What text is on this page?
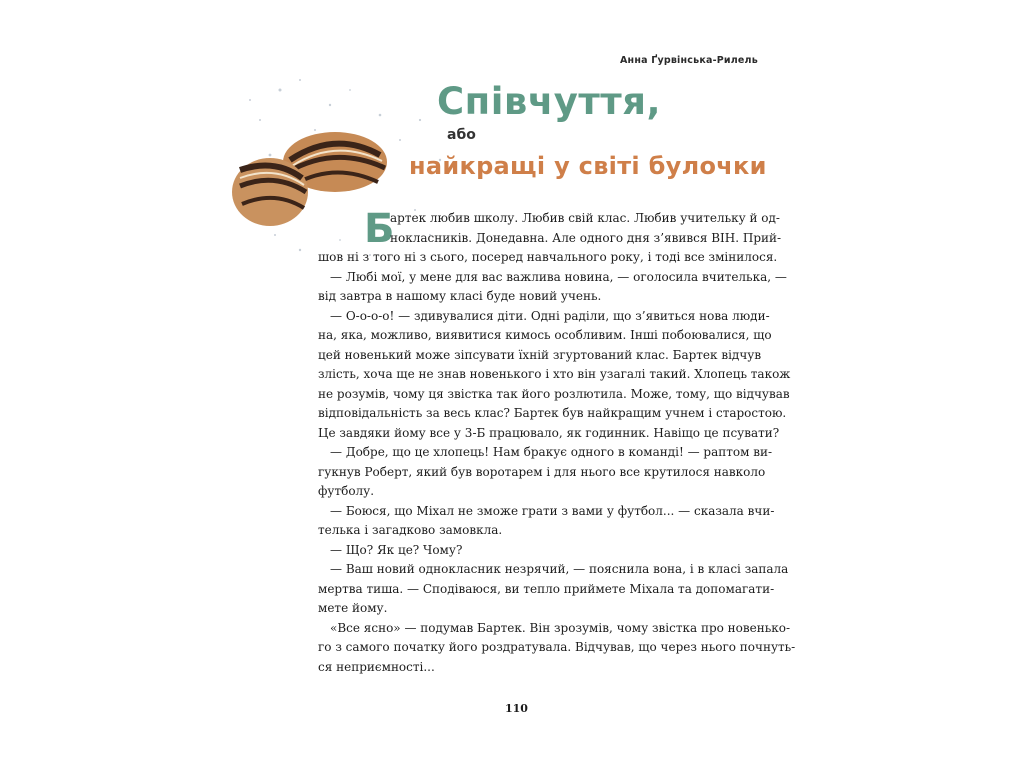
Анна Ґурвінська-Рилель
Співчуття,
або
найкращі у світі булочки
Б
артек любив школу. Любив свій клас. Любив учительку й од-
нокласників. Донедавна. Але одного дня з’явився ВІН. Прий-
шов ні з того ні з сього, посеред навчального року, і тоді все змінилося.
— Любі мої, у мене для вас важлива новина, — оголосила вчителька, —
від завтра в нашому класі буде новий учень.
— О-о-о-о! — здивувалися діти. Одні раділи, що з’явиться нова люди-
на, яка, можливо, виявитися кимось особливим. Інші побоювалися, що
цей новенький може зіпсувати їхній згуртований клас. Бартек відчув
злість, хоча ще не знав новенького і хто він узагалі такий. Хлопець також
не розумів, чому ця звістка так його розлютила. Може, тому, що відчував
відповідальність за весь клас? Бартек був найкращим учнем і старостою.
Це завдяки йому все у 3-Б працювало, як годинник. Навіщо це псувати?
— Добре, що це хлопець! Нам бракує одного в команді! — раптом ви-
гукнув Роберт, який був воротарем і для нього все крутилося навколо
футболу.
— Боюся, що Міхал не зможе грати з вами у футбол... — сказала вчи-
телька і загадково замовкла.
— Що? Як це? Чому?
— Ваш новий однокласник незрячий, — пояснила вона, і в класі запала
мертва тиша. — Сподіваюся, ви тепло приймете Міхала та допомагати-
мете йому.
«Все ясно» — подумав Бартек. Він зрозумів, чому звістка про новенько-
го з самого початку його роздратувала. Відчував, що через нього почнуть-
ся неприємності...
110
